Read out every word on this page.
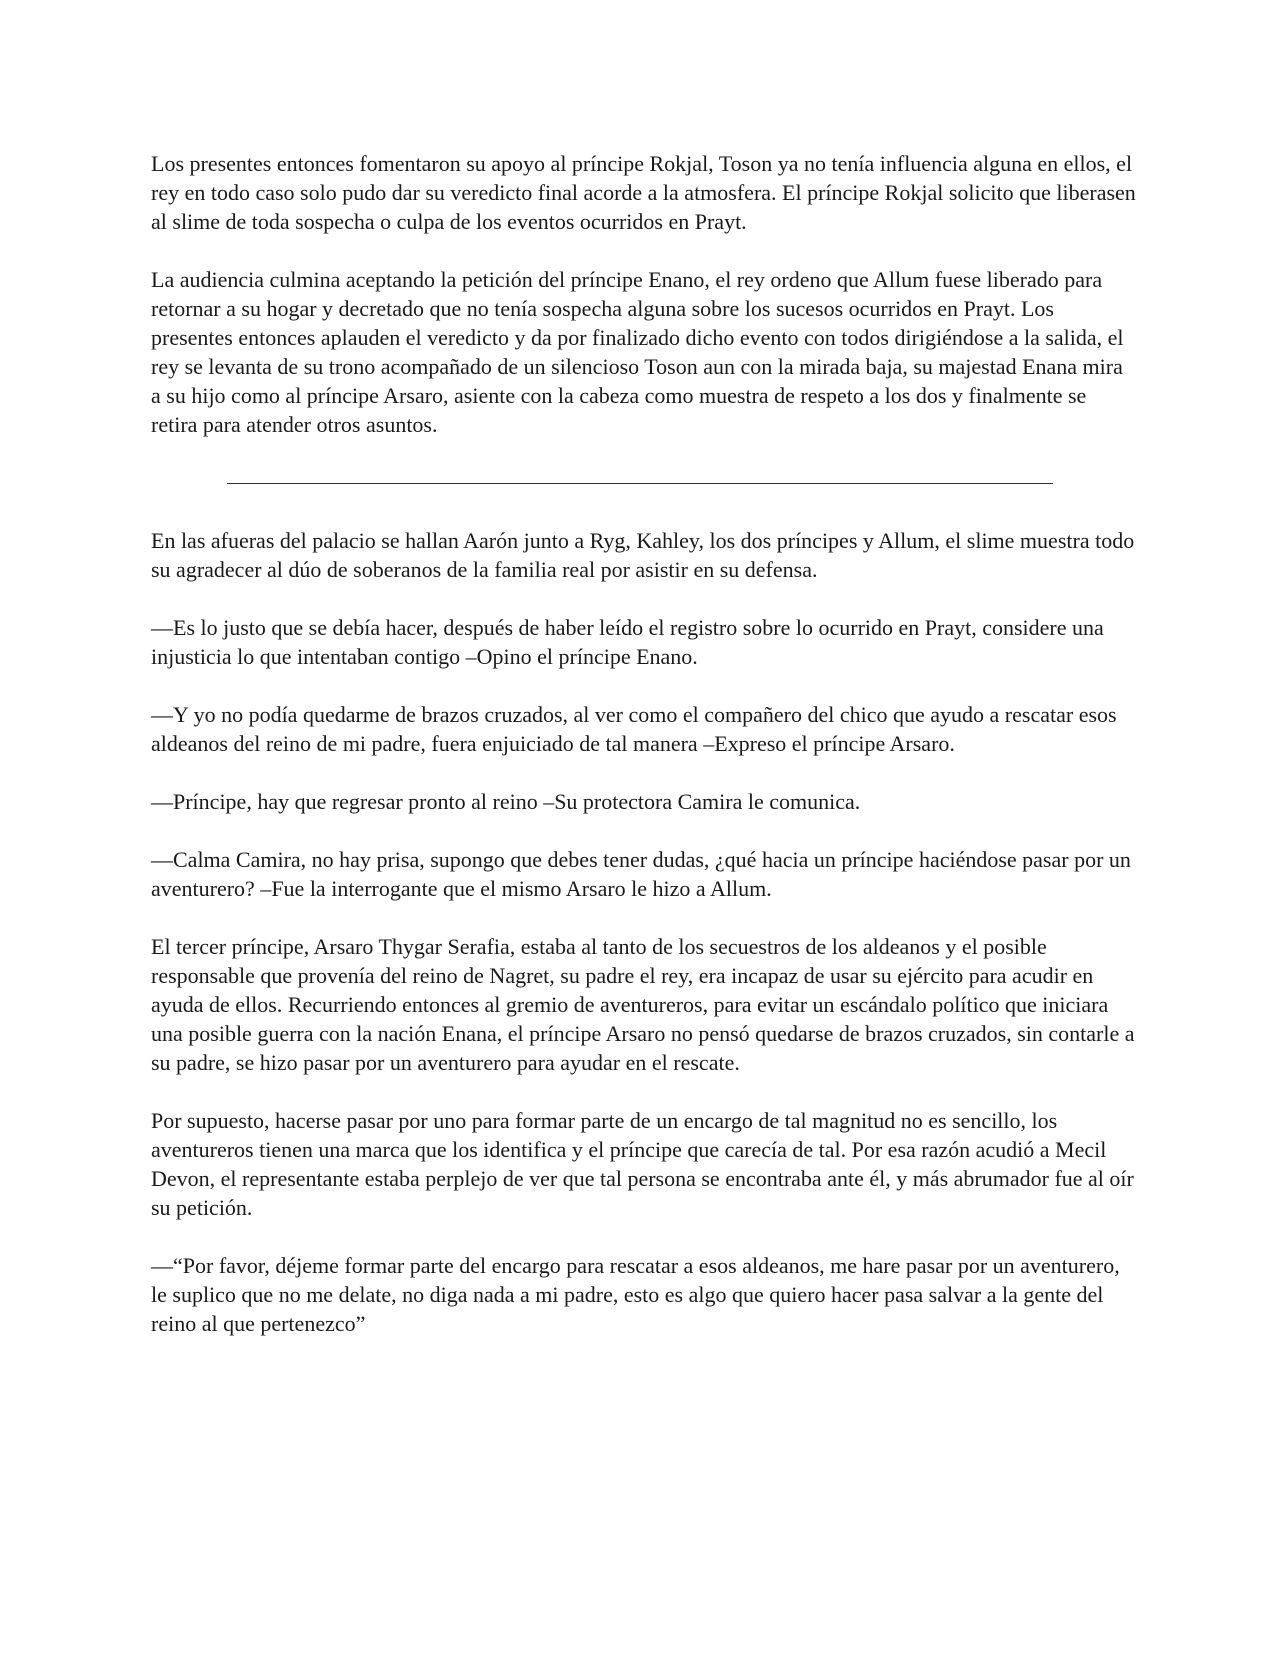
Los presentes entonces fomentaron su apoyo al príncipe Rokjal, Toson ya no tenía influencia alguna en ellos, el rey en todo caso solo pudo dar su veredicto final acorde a la atmosfera. El príncipe Rokjal solicito que liberasen al slime de toda sospecha o culpa de los eventos ocurridos en Prayt.

La audiencia culmina aceptando la petición del príncipe Enano, el rey ordeno que Allum fuese liberado para retornar a su hogar y decretado que no tenía sospecha alguna sobre los sucesos ocurridos en Prayt. Los presentes entonces aplauden el veredicto y da por finalizado dicho evento con todos dirigiéndose a la salida, el rey se levanta de su trono acompañado de un silencioso Toson aun con la mirada baja, su majestad Enana mira a su hijo como al príncipe Arsaro, asiente con la cabeza como muestra de respeto a los dos y finalmente se retira para atender otros asuntos.

En las afueras del palacio se hallan Aarón junto a Ryg, Kahley, los dos príncipes y Allum, el slime muestra todo su agradecer al dúo de soberanos de la familia real por asistir en su defensa.

—Es lo justo que se debía hacer, después de haber leído el registro sobre lo ocurrido en Prayt, considere una injusticia lo que intentaban contigo –Opino el príncipe Enano.

—Y yo no podía quedarme de brazos cruzados, al ver como el compañero del chico que ayudo a rescatar esos aldeanos del reino de mi padre, fuera enjuiciado de tal manera –Expreso el príncipe Arsaro.

—Príncipe, hay que regresar pronto al reino –Su protectora Camira le comunica.

—Calma Camira, no hay prisa, supongo que debes tener dudas, ¿qué hacia un príncipe haciéndose pasar por un aventurero? –Fue la interrogante que el mismo Arsaro le hizo a Allum.

El tercer príncipe, Arsaro Thygar Serafia, estaba al tanto de los secuestros de los aldeanos y el posible responsable que provenía del reino de Nagret, su padre el rey, era incapaz de usar su ejército para acudir en ayuda de ellos. Recurriendo entonces al gremio de aventureros, para evitar un escándalo político que iniciara una posible guerra con la nación Enana, el príncipe Arsaro no pensó quedarse de brazos cruzados, sin contarle a su padre, se hizo pasar por un aventurero para ayudar en el rescate.

Por supuesto, hacerse pasar por uno para formar parte de un encargo de tal magnitud no es sencillo, los aventureros tienen una marca que los identifica y el príncipe que carecía de tal. Por esa razón acudió a Mecil Devon, el representante estaba perplejo de ver que tal persona se encontraba ante él, y más abrumador fue al oír su petición.

—“Por favor, déjeme formar parte del encargo para rescatar a esos aldeanos, me hare pasar por un aventurero, le suplico que no me delate, no diga nada a mi padre, esto es algo que quiero hacer pasa salvar a la gente del reino al que pertenezco”
